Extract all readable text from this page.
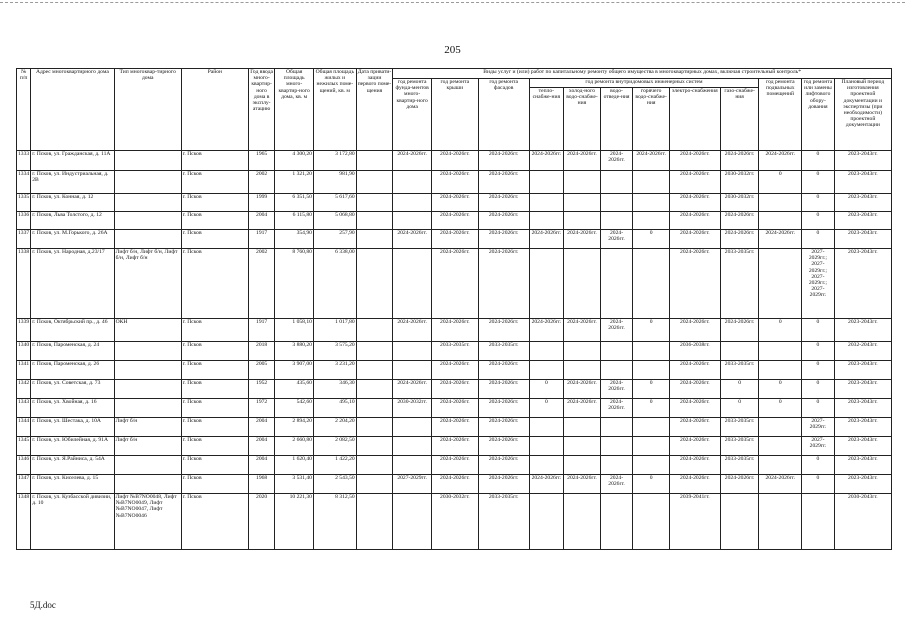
205
№ п/п	Адрес многоквартирного дома	Тип многоквар-тирного дома	Район	Год ввода много-квартир-ного дома в эксплу-атацию	Общая площадь много-квартир-ного дома, кв. м	Общая площадь жилых и нежилых поме-щений, кв. м	Дата привати-зации первого поме-щения	Виды услуг и (или) работ по капитальному ремонту общего имущества в многоквартирных домах, включая строительный контроль*											
								год ремонта фунда-ментов много-квартир-ного дома	год ремонта крыши	год ремонта фасадов	год ремонта внутридомовых инженерных систем						год ремонта подвальных помещений	год ремонта или замены лифтового обору-дования	Плановый период изготовления проектной документации и экспертизы (при необходимости) проектной документации
											тепло-снабже-ния	холод-ного водо-снабже-ния	водо-отведе-ния	горячего водо-снабже-ния	электро-снабжения	газо-снабже-ния			
1333	г. Псков, ул. Гражданская, д. 11А		г. Псков	1965	4 300,20	3 172,80		2024-2026гг.	2024-2026гг.	2024-2026гг.	2024-2026гг.	2024-2026гг.	2024-2026гг.	2024-2026гг.	2024-2026гг.	2024-2026гг.	2024-2026гг.	0	2023-2043гг.
1334	г. Псков, ул. Индустриальная, д. 2В		г. Псков	2002	1 321,20	981,90			2024-2026гг.	2024-2026гг.					2024-2026гг.	2030-2032гг.	0	0	2023-2043гг.
1335	г. Псков, ул. Конная, д. 12		г. Псков	1999	6 351,50	5 617,60			2024-2026гг.	2024-2026гг.					2024-2026гг.	2030-2032гг.		0	2023-2043гг.
1336	г. Псков, Льва Толстого, д. 12		г. Псков	2004	6 115,80	5 068,80			2024-2026гг.	2024-2026гг.					2024-2026гг.	2024-2026гг.		0	2023-2043гг.
1337	г. Псков, ул. М.Горького, д. 26А		г. Псков	1917	354,90	257,90		2024-2026гг.	2024-2026гг.	2024-2026гг.	2024-2026гг.	2024-2026гг.	2024-2026гг.	0	2024-2026гг.	2024-2026гг.	2024-2026гг.	0	2023-2043гг.
1338	г. Псков, ул. Народная, д.23/17	Лифт б/н, Лифт б/н, Лифт б/н, Лифт б/н	г. Псков	2002	8 760,80	6 338,00			2024-2026гг.	2024-2026гг.					2024-2026гг.	2033-2035гг.		2027-2029гг.; 2027-2029гг.; 2027-2029гг.; 2027-2029гг.	2023-2043гг.
1339	г. Псков, Октябрьский пр., д. 46	ОКН	г. Псков	1917	1 058,10	1 017,80		2024-2026гг.	2024-2026гг.	2024-2026гг.	2024-2026гг.	2024-2026гг.	2024-2026гг.	0	2024-2026гг.	2024-2026гг.	0	0	2023-2043гг.
1340	г. Псков, Пароменская, д. 24		г. Псков	2018	3 880,20	3 575,20			2033-2035гг.	2033-2035гг.					2036-2038гг.			0	2032-2043гг.
1341	г. Псков, Пароменская, д. 26		г. Псков	2005	3 907,00	3 231,20			2024-2026гг.	2024-2026гг.					2024-2026гг.	2033-2035гг.		0	2023-2043гг.
1342	г. Псков, ул. Советская, д. 73		г. Псков	1952	435,60	346,30		2024-2026гг.	2024-2026гг.	2024-2026гг.	0	2024-2026гг.	2024-2026гг.	0	2024-2026гг.	0	0	0	2023-2043гг.
1343	г. Псков, ул. Хвойная, д. 16		г. Псков	1972	542,60	495,10		2030-2032гг.	2024-2026гг.	2024-2026гг.	0	2024-2026гг.	2024-2026гг.	0	2024-2026гг.	0	0	0	2023-2043гг.
1344	г. Псков, ул. Шестака, д. 10А	Лифт б/н	г. Псков	2004	2 894,20	2 204,20			2024-2026гг.	2024-2026гг.					2024-2026гг.	2033-2035гг.		2027-2029гг.	2023-2043гг.
1345	г. Псков, ул. Юбилейная, д. 91А	Лифт б/н	г. Псков	2004	2 660,80	2 082,50			2024-2026гг.	2024-2026гг.					2024-2026гг.	2033-2035гг.		2027-2029гг.	2023-2043гг.
1346	г. Псков, ул. Я.Райниса, д. 54А		г. Псков	2004	1 620,40	1 422,20			2024-2026гг.	2024-2026гг.					2024-2026гг.	2033-2035гг.		0	2023-2043гг.
1347	г. Псков, ул. Киселева, д. 15		г. Псков	1968	3 531,40	2 543,50		2027-2029гг.	2024-2026гг.	2024-2026гг.	2024-2026гг.	2024-2026гг.	2024-2026гг.	0	2024-2026гг.	2024-2026гг.	2024-2026гг.	0	2023-2043гг.
1348	г. Псков, ул. Кузбасской дивизии, д. 10	Лифт №B7NO0048, Лифт №B7NO0049, Лифт №B7NO0047, Лифт №B7NO0046	г. Псков	2020	10 221,30	8 312,50			2030-2032гг.	2033-2035гг.					2039-2041гг.				2030-2043гг.
5Д.doc
